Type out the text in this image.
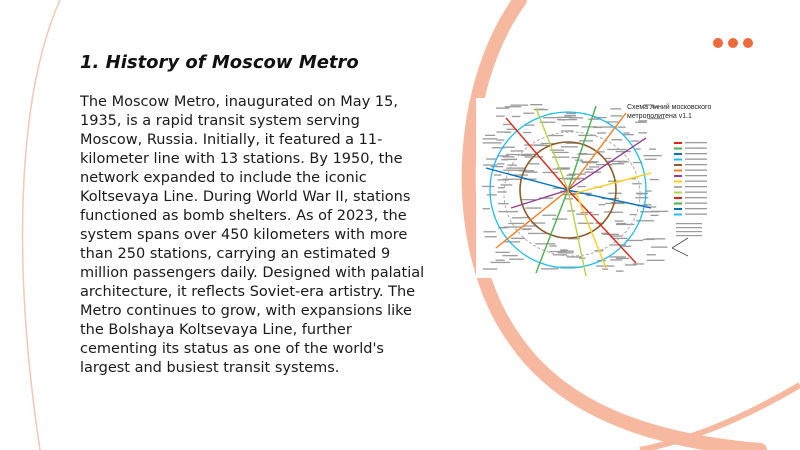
1. History of Moscow Metro

The Moscow Metro, inaugurated on May 15, 1935, is a rapid transit system serving Moscow, Russia. Initially, it featured a 11-kilometer line with 13 stations. By 1950, the network expanded to include the iconic Koltsevaya Line. During World War II, stations functioned as bomb shelters. As of 2023, the system spans over 450 kilometers with more than 250 stations, carrying an estimated 9 million passengers daily. Designed with palatial architecture, it reflects Soviet-era artistry. The Metro continues to grow, with expansions like the Bolshaya Koltsevaya Line, further cementing its status as one of the world's largest and busiest transit systems.

Схема линий московского метрополитена v1.1
